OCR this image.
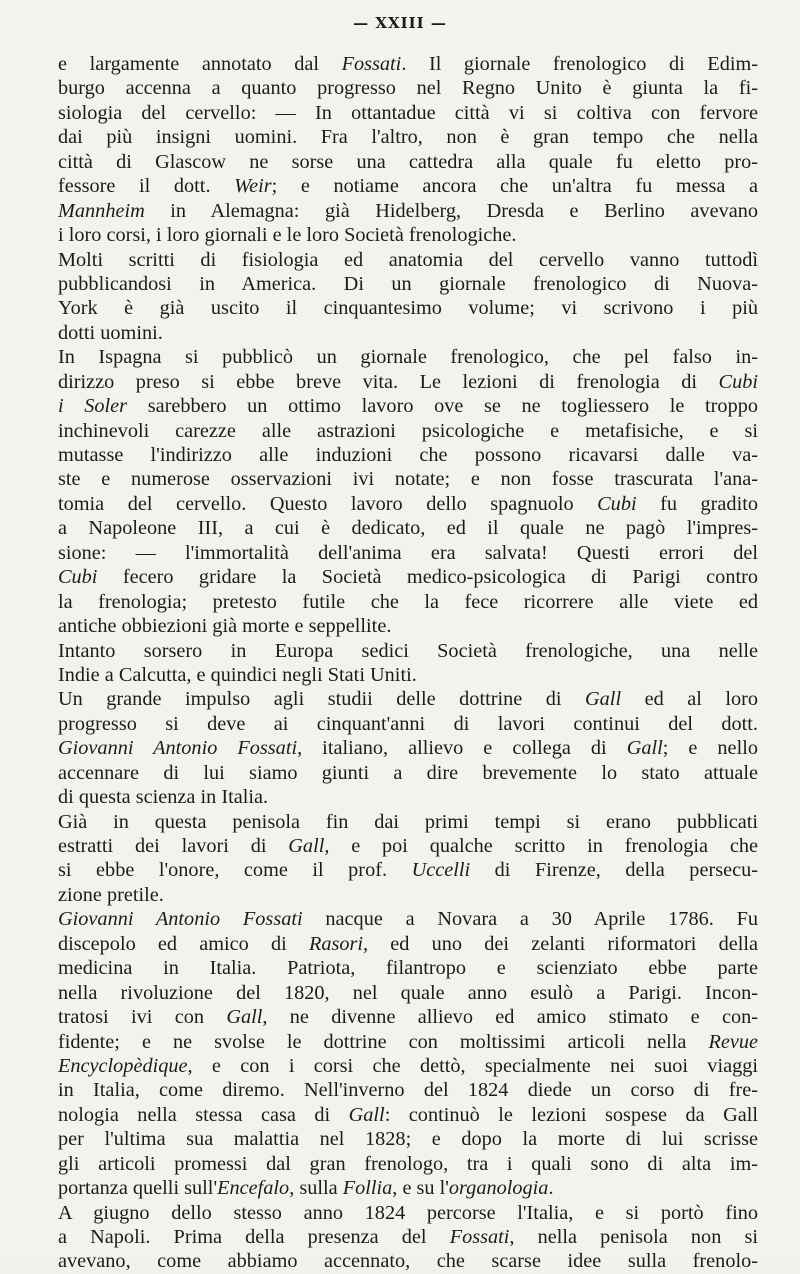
— XXIII —
e largamente annotato dal Fossati. Il giornale frenologico di Edim-
burgo accenna a quanto progresso nel Regno Unito è giunta la fi-
siologia del cervello: — In ottantadue città vi si coltiva con fervore
dai più insigni uomini. Fra l'altro, non è gran tempo che nella
città di Glascow ne sorse una cattedra alla quale fu eletto pro-
fessore il dott. Weir; e notiame ancora che un'altra fu messa a
Mannheim in Alemagna: già Hidelberg, Dresda e Berlino avevano
i loro corsi, i loro giornali e le loro Società frenologiche.
Molti scritti di fisiologia ed anatomia del cervello vanno tuttodì
pubblicandosi in America. Di un giornale frenologico di Nuova-
York è già uscito il cinquantesimo volume; vi scrivono i più
dotti uomini.
In Ispagna si pubblicò un giornale frenologico, che pel falso in-
dirizzo preso si ebbe breve vita. Le lezioni di frenologia di Cubi
i Soler sarebbero un ottimo lavoro ove se ne togliessero le troppo
inchinevoli carezze alle astrazioni psicologiche e metafisiche, e si
mutasse l'indirizzo alle induzioni che possono ricavarsi dalle va-
ste e numerose osservazioni ivi notate; e non fosse trascurata l'ana-
tomia del cervello. Questo lavoro dello spagnuolo Cubi fu gradito
a Napoleone III, a cui è dedicato, ed il quale ne pagò l'impres-
sione: — l'immortalità dell'anima era salvata! Questi errori del
Cubi fecero gridare la Società medico-psicologica di Parigi contro
la frenologia; pretesto futile che la fece ricorrere alle viete ed
antiche obbiezioni già morte e seppellite.
Intanto sorsero in Europa sedici Società frenologiche, una nelle
Indie a Calcutta, e quindici negli Stati Uniti.
Un grande impulso agli studii delle dottrine di Gall ed al loro
progresso si deve ai cinquant'anni di lavori continui del dott.
Giovanni Antonio Fossati, italiano, allievo e collega di Gall; e nello
accennare di lui siamo giunti a dire brevemente lo stato attuale
di questa scienza in Italia.
Già in questa penisola fin dai primi tempi si erano pubblicati
estratti dei lavori di Gall, e poi qualche scritto in frenologia che
si ebbe l'onore, come il prof. Uccelli di Firenze, della persecu-
zione pretile.
Giovanni Antonio Fossati nacque a Novara a 30 Aprile 1786. Fu
discepolo ed amico di Rasori, ed uno dei zelanti riformatori della
medicina in Italia. Patriota, filantropo e scienziato ebbe parte
nella rivoluzione del 1820, nel quale anno esulò a Parigi. Incon-
tratosi ivi con Gall, ne divenne allievo ed amico stimato e con-
fidente; e ne svolse le dottrine con moltissimi articoli nella Revue
Encyclopèdique, e con i corsi che dettò, specialmente nei suoi viaggi
in Italia, come diremo. Nell'inverno del 1824 diede un corso di fre-
nologia nella stessa casa di Gall: continuò le lezioni sospese da Gall
per l'ultima sua malattia nel 1828; e dopo la morte di lui scrisse
gli articoli promessi dal gran frenologo, tra i quali sono di alta im-
portanza quelli sull'Encefalo, sulla Follia, e su l'organologia.
A giugno dello stesso anno 1824 percorse l'Italia, e si portò fino
a Napoli. Prima della presenza del Fossati, nella penisola non si
avevano, come abbiamo accennato, che scarse idee sulla frenolo-
